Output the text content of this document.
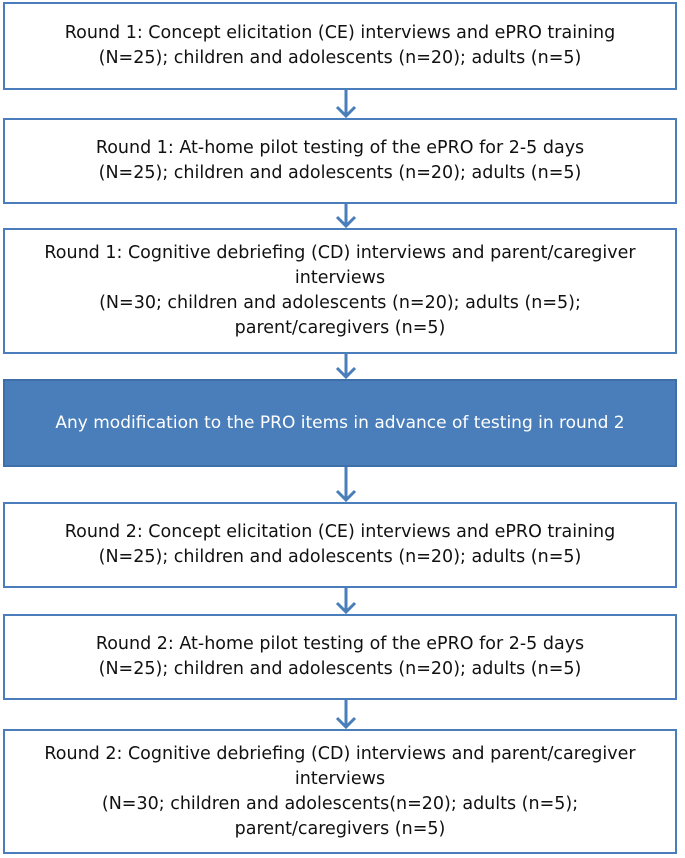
Round 1: Concept elicitation (CE) interviews and ePRO training
(N=25); children and adolescents (n=20); adults (n=5)
Round 1: At-home pilot testing of the ePRO for 2-5 days
(N=25); children and adolescents (n=20); adults (n=5)
Round 1: Cognitive debriefing (CD) interviews and parent/caregiver
interviews
(N=30; children and adolescents (n=20); adults (n=5);
parent/caregivers (n=5)
Any modification to the PRO items in advance of testing in round 2
Round 2: Concept elicitation (CE) interviews and ePRO training
(N=25); children and adolescents (n=20); adults (n=5)
Round 2: At-home pilot testing of the ePRO for 2-5 days
(N=25); children and adolescents (n=20); adults (n=5)
Round 2: Cognitive debriefing (CD) interviews and parent/caregiver
interviews
(N=30; children and adolescents(n=20); adults (n=5);
parent/caregivers (n=5)
